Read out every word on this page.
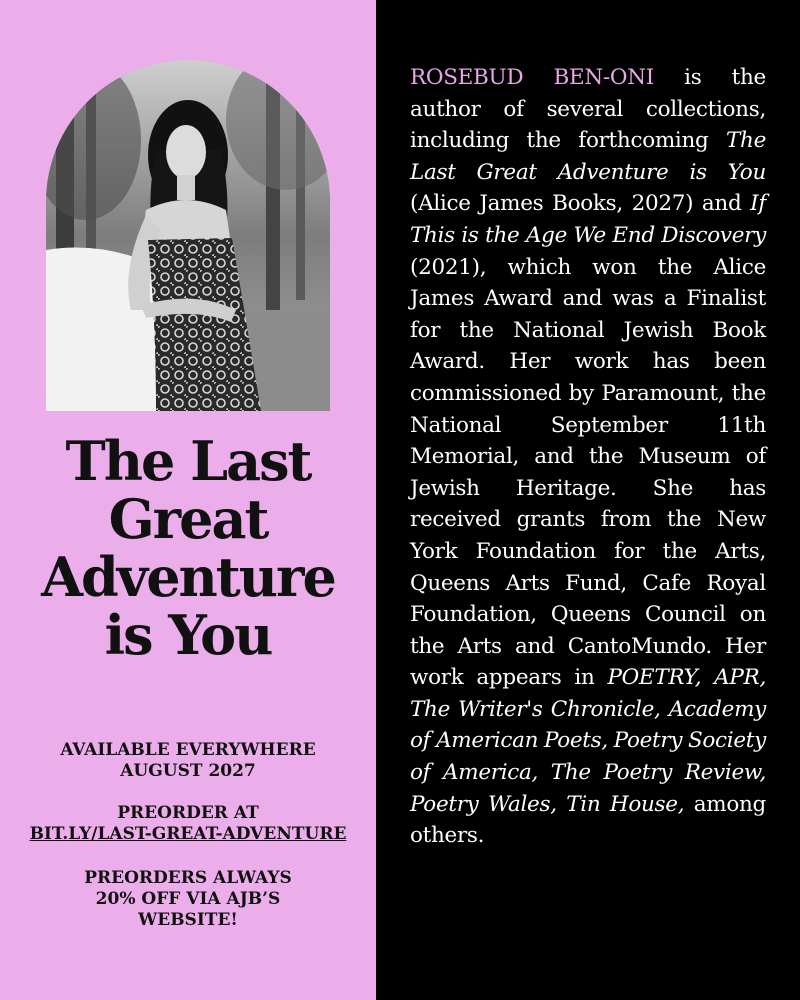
The Last
Great
Adventure
is You
AVAILABLE EVERYWHERE
AUGUST 2027
PREORDER AT
BIT.LY/LAST-GREAT-ADVENTURE
PREORDERS ALWAYS
20% OFF VIA AJB’S
WEBSITE!
ROSEBUD BEN-ONI is the author of several collections, including the forthcoming The Last Great Adventure is You (Alice James Books, 2027) and If This is the Age We End Discovery (2021), which won the Alice James Award and was a Finalist for the National Jewish Book Award. Her work has been commissioned by Paramount, the National September 11th Memorial, and the Museum of Jewish Heritage. She has received grants from the New York Foundation for the Arts, Queens Arts Fund, Cafe Royal Foundation, Queens Council on the Arts and CantoMundo. Her work appears in POETRY, APR, The Writer's Chronicle, Academy of American Poets, Poetry Society of America, The Poetry Review, Poetry Wales, Tin House, among others.
